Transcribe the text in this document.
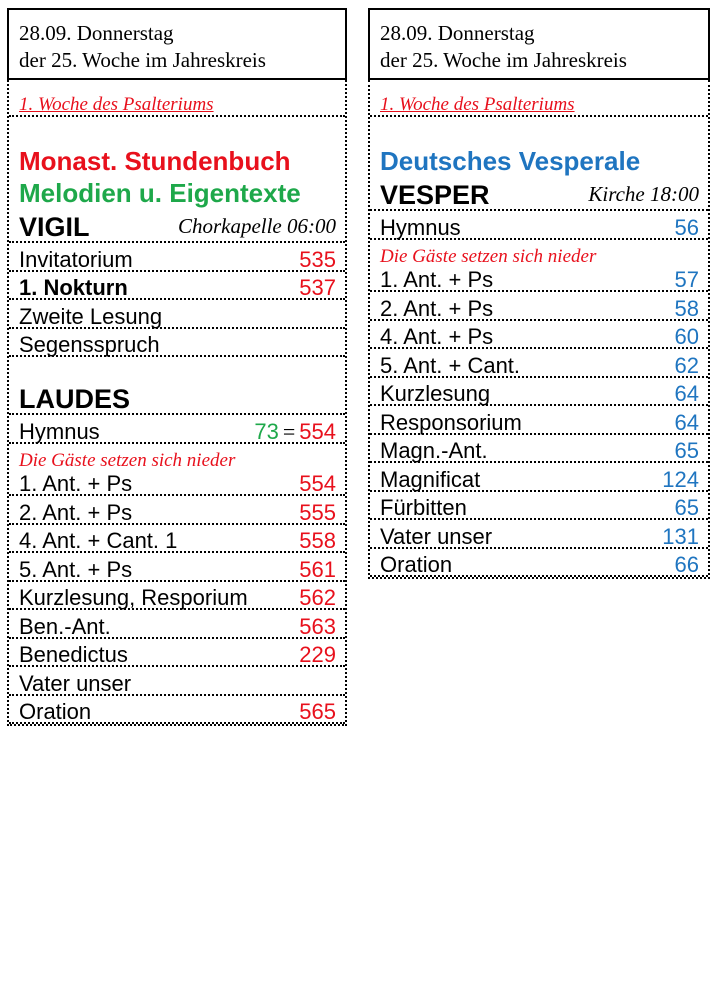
28.09. Donnerstag
der 25. Woche im Jahreskreis
1. Woche des Psalteriums
Monast. Stundenbuch
Melodien u. Eigentexte
VIGIL	Chorkapelle 06:00
Invitatorium	535
1. Nokturn	537
Zweite Lesung
Segensspruch
LAUDES
Hymnus	73 = 554
Die Gäste setzen sich nieder
1. Ant. + Ps	554
2. Ant. + Ps	555
4. Ant. + Cant. 1	558
5. Ant. + Ps	561
Kurzlesung, Resporium 562
Ben.-Ant.	563
Benedictus	229
Vater unser
Oration	565
28.09. Donnerstag
der 25. Woche im Jahreskreis
1. Woche des Psalteriums
Deutsches Vesperale
VESPER	Kirche 18:00
Hymnus	56
Die Gäste setzen sich nieder
1. Ant. + Ps	57
2. Ant. + Ps	58
4. Ant. + Ps	60
5. Ant. + Cant.	62
Kurzlesung	64
Responsorium	64
Magn.-Ant.	65
Magnificat	124
Fürbitten	65
Vater unser	131
Oration	66
